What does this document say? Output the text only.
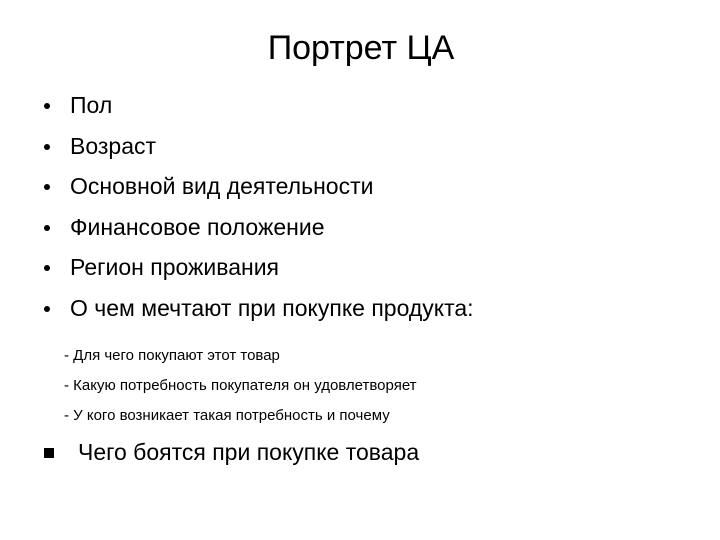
Портрет ЦА
Пол
Возраст
Основной вид деятельности
Финансовое положение
Регион проживания
О чем мечтают при покупке продукта:
- Для чего покупают этот товар
- Какую потребность покупателя он удовлетворяет
- У кого возникает такая потребность и почему
Чего боятся при покупке товара
